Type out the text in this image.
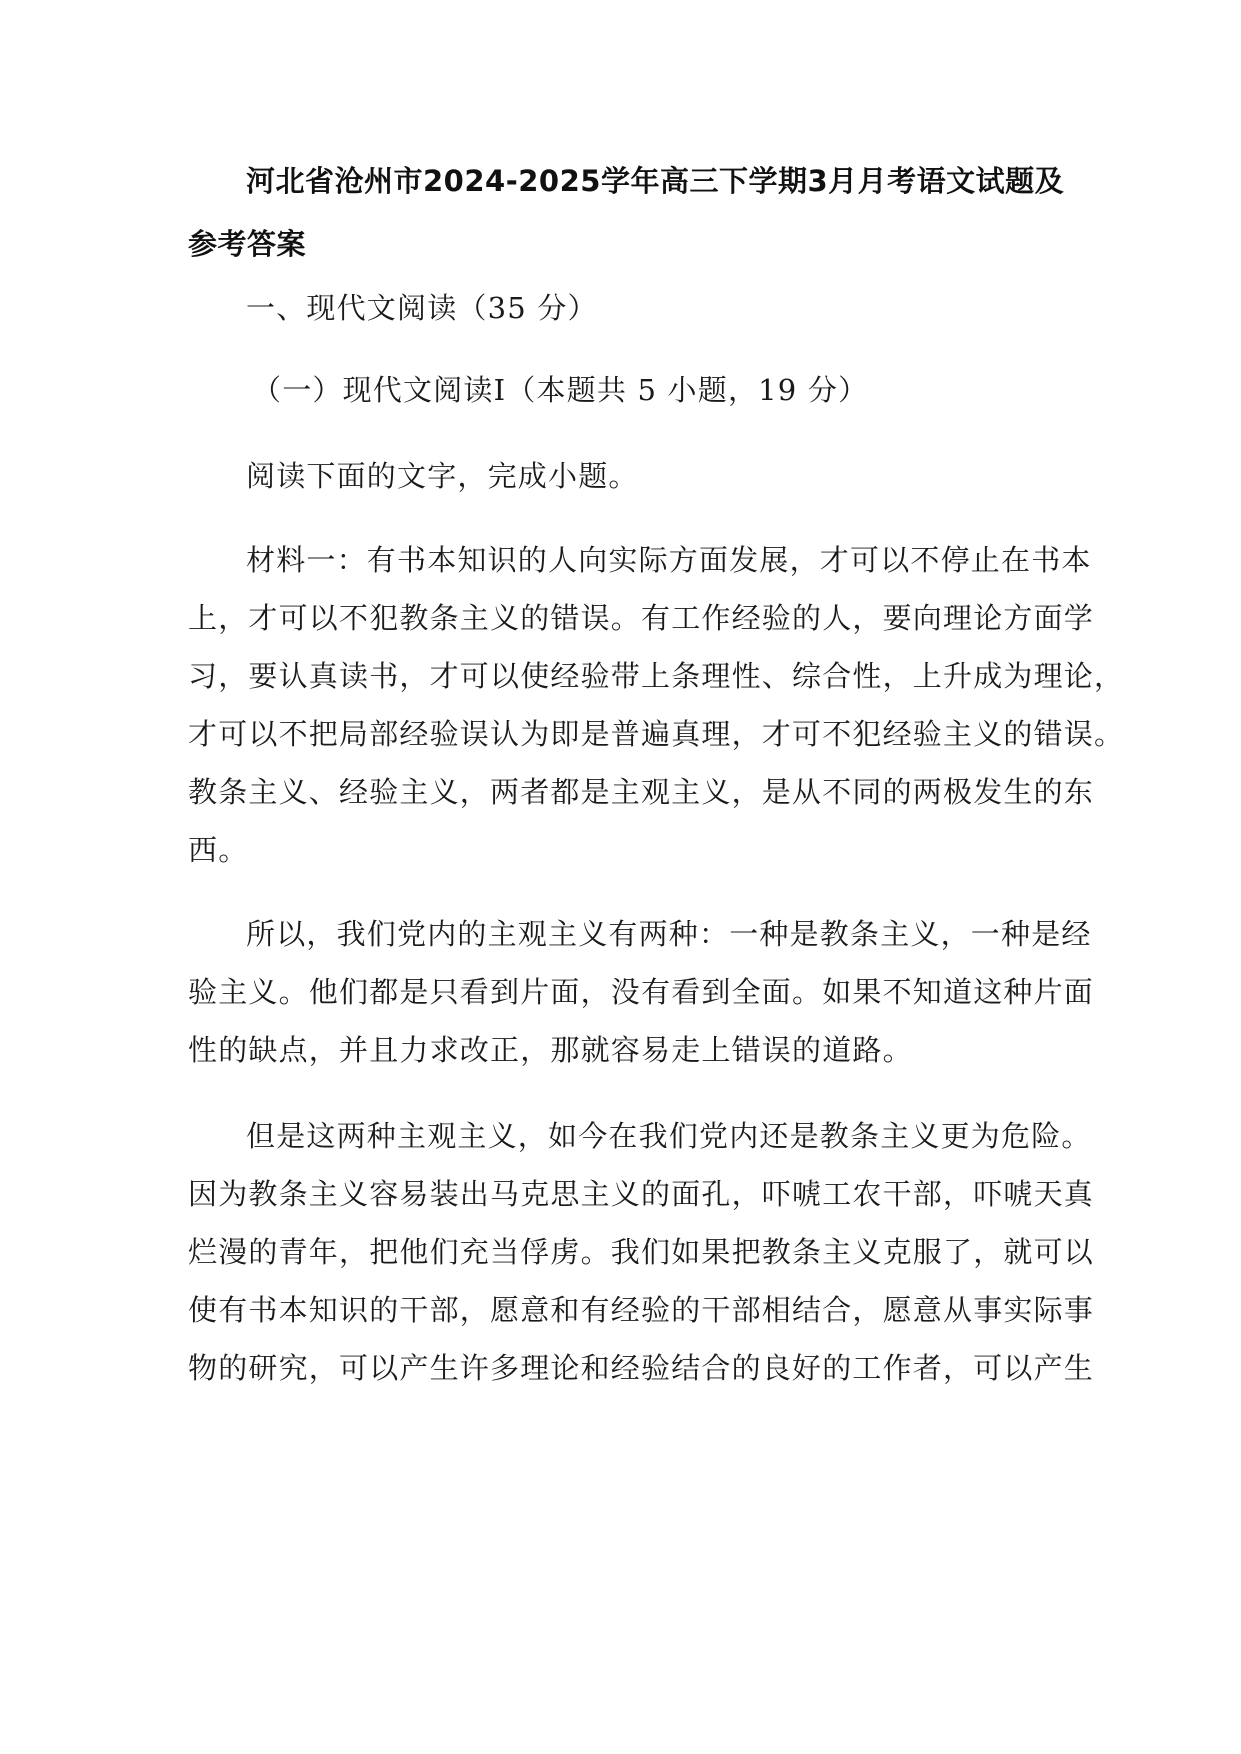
河北省沧州市2024-2025学年高三下学期3月月考语文试题及参考答案
一、现代文阅读（35 分）
（一）现代文阅读Ⅰ（本题共 5 小题，19 分）
阅读下面的文字，完成小题。
材料一：有书本知识的人向实际方面发展，才可以不停止在书本
上，才可以不犯教条主义的错误。有工作经验的人，要向理论方面学
习，要认真读书，才可以使经验带上条理性、综合性，上升成为理论，
才可以不把局部经验误认为即是普遍真理，才可不犯经验主义的错误。
教条主义、经验主义，两者都是主观主义，是从不同的两极发生的东
西。
所以，我们党内的主观主义有两种：一种是教条主义，一种是经
验主义。他们都是只看到片面，没有看到全面。如果不知道这种片面
性的缺点，并且力求改正，那就容易走上错误的道路。
但是这两种主观主义，如今在我们党内还是教条主义更为危险。
因为教条主义容易装出马克思主义的面孔，吓唬工农干部，吓唬天真
烂漫的青年，把他们充当俘虏。我们如果把教条主义克服了，就可以
使有书本知识的干部，愿意和有经验的干部相结合，愿意从事实际事
物的研究，可以产生许多理论和经验结合的良好的工作者，可以产生
